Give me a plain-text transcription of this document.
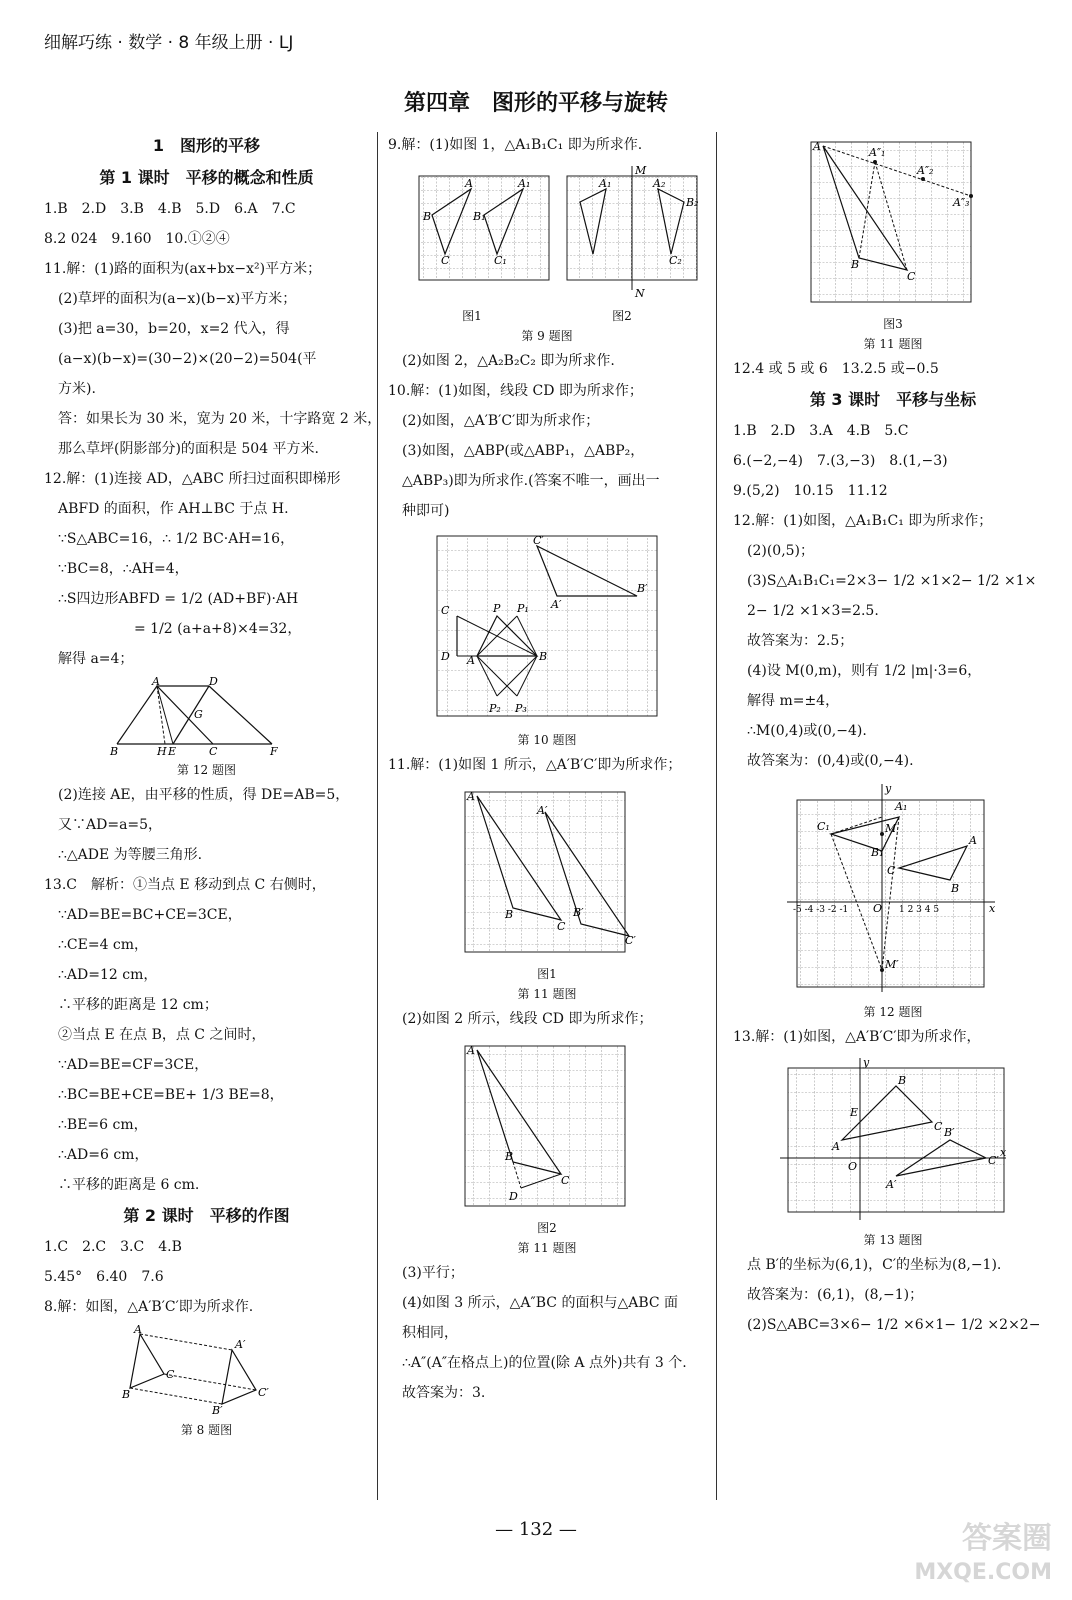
细解巧练 · 数学 · 8 年级上册 · LJ
第四章　图形的平移与旋转
1　图形的平移
第 1 课时　平移的概念和性质
1.B　2.D　3.B　4.B　5.D　6.A　7.C
8.2 024　9.160　10.①②④
11.解：(1)路的面积为(ax+bx−x²)平方米；
(2)草坪的面积为(a−x)(b−x)平方米；
(3)把 a=30，b=20，x=2 代入，得
(a−x)(b−x)=(30−2)×(20−2)=504(平
方米).
答：如果长为 30 米，宽为 20 米，十字路宽 2 米，
那么草坪(阴影部分)的面积是 504 平方米.
12.解：(1)连接 AD，△ABC 所扫过面积即梯形
ABFD 的面积，作 AH⊥BC 于点 H.
∵S△ABC=16，∴ 1/2 BC·AH=16，
∵BC=8，∴AH=4，
∴S四边形ABFD = 1/2 (AD+BF)·AH
= 1/2 (a+a+8)×4=32，
解得 a=4；
A	D
G
B	H E	C	F
第 12 题图
(2)连接 AE，由平移的性质，得 DE=AB=5，
又∵AD=a=5，
∴△ADE 为等腰三角形.
13.C　解析：①当点 E 移动到点 C 右侧时，
∵AD=BE=BC+CE=3CE，
∴CE=4 cm，
∴AD=12 cm，
∴平移的距离是 12 cm；
②当点 E 在点 B，点 C 之间时，
∵AD=BE=CF=3CE，
∴BC=BE+CE=BE+ 1/3 BE=8，
∴BE=6 cm，
∴AD=6 cm，
∴平移的距离是 6 cm.
第 2 课时　平移的作图
1.C　2.C　3.C　4.B
5.45°　6.40　7.6
8.解：如图，△A′B′C′即为所求作.
A
C
B
A′
C′
B′
第 8 题图
9.解：(1)如图 1，△A₁B₁C₁ 即为所求作.
B
A
C
B₁
A₁
C₁
M
N
A₁	A₂
B₂
C₂
图1	图2
第 9 题图
(2)如图 2，△A₂B₂C₂ 即为所求作.
10.解：(1)如图，线段 CD 即为所求作；
(2)如图，△A′B′C′即为所求作；
(3)如图，△ABP(或△ABP₁，△ABP₂，
△ABP₃)即为所求作.(答案不唯一，画出一
种即可)
C′
A′
B′
C
D A	B
P P₁
P₂ P₃
第 10 题图
11.解：(1)如图 1 所示，△A′B′C′即为所求作；
A
A′
B
C
B′
C′
图1
第 11 题图
(2)如图 2 所示，线段 CD 即为所求作；
A
B
C
D
图2
第 11 题图
(3)平行；
(4)如图 3 所示，△A″BC 的面积与△ABC 面
积相同，
∴A″(A″在格点上)的位置(除 A 点外)共有 3 个.
故答案为：3.
A	A″₁
A″₂
A″₃
B
C
图3
第 11 题图
12.4 或 5 或 6　13.2.5 或−0.5
第 3 课时　平移与坐标
1.B　2.D　3.A　4.B　5.C
6.(−2,−4)　7.(3,−3)　8.(1,−3)
9.(5,2)　10.15　11.12
12.解：(1)如图，△A₁B₁C₁ 即为所求作；
(2)(0,5)；
(3)S△A₁B₁C₁=2×3− 1/2 ×1×2− 1/2 ×1×
2− 1/2 ×1×3=2.5.
故答案为：2.5；
(4)设 M(0,m)，则有 1/2 |m|·3=6，
解得 m=±4，
∴M(0,4)或(0,−4).
故答案为：(0,4)或(0,−4).
x
y
O
-5 -4 -3 -2 -1	1 2 3 4 5
C₁
A₁
B₁
M
M′
A
B
C
第 12 题图
13.解：(1)如图，△A′B′C′即为所求作，
x
y
O
A
B
C
A′
B′
C′
E
第 13 题图
点 B′的坐标为(6,1)，C′的坐标为(8,−1).
故答案为：(6,1)，(8,−1)；
(2)S△ABC=3×6− 1/2 ×6×1− 1/2 ×2×2−
— 132 —	答案圈
MXQE.COM
